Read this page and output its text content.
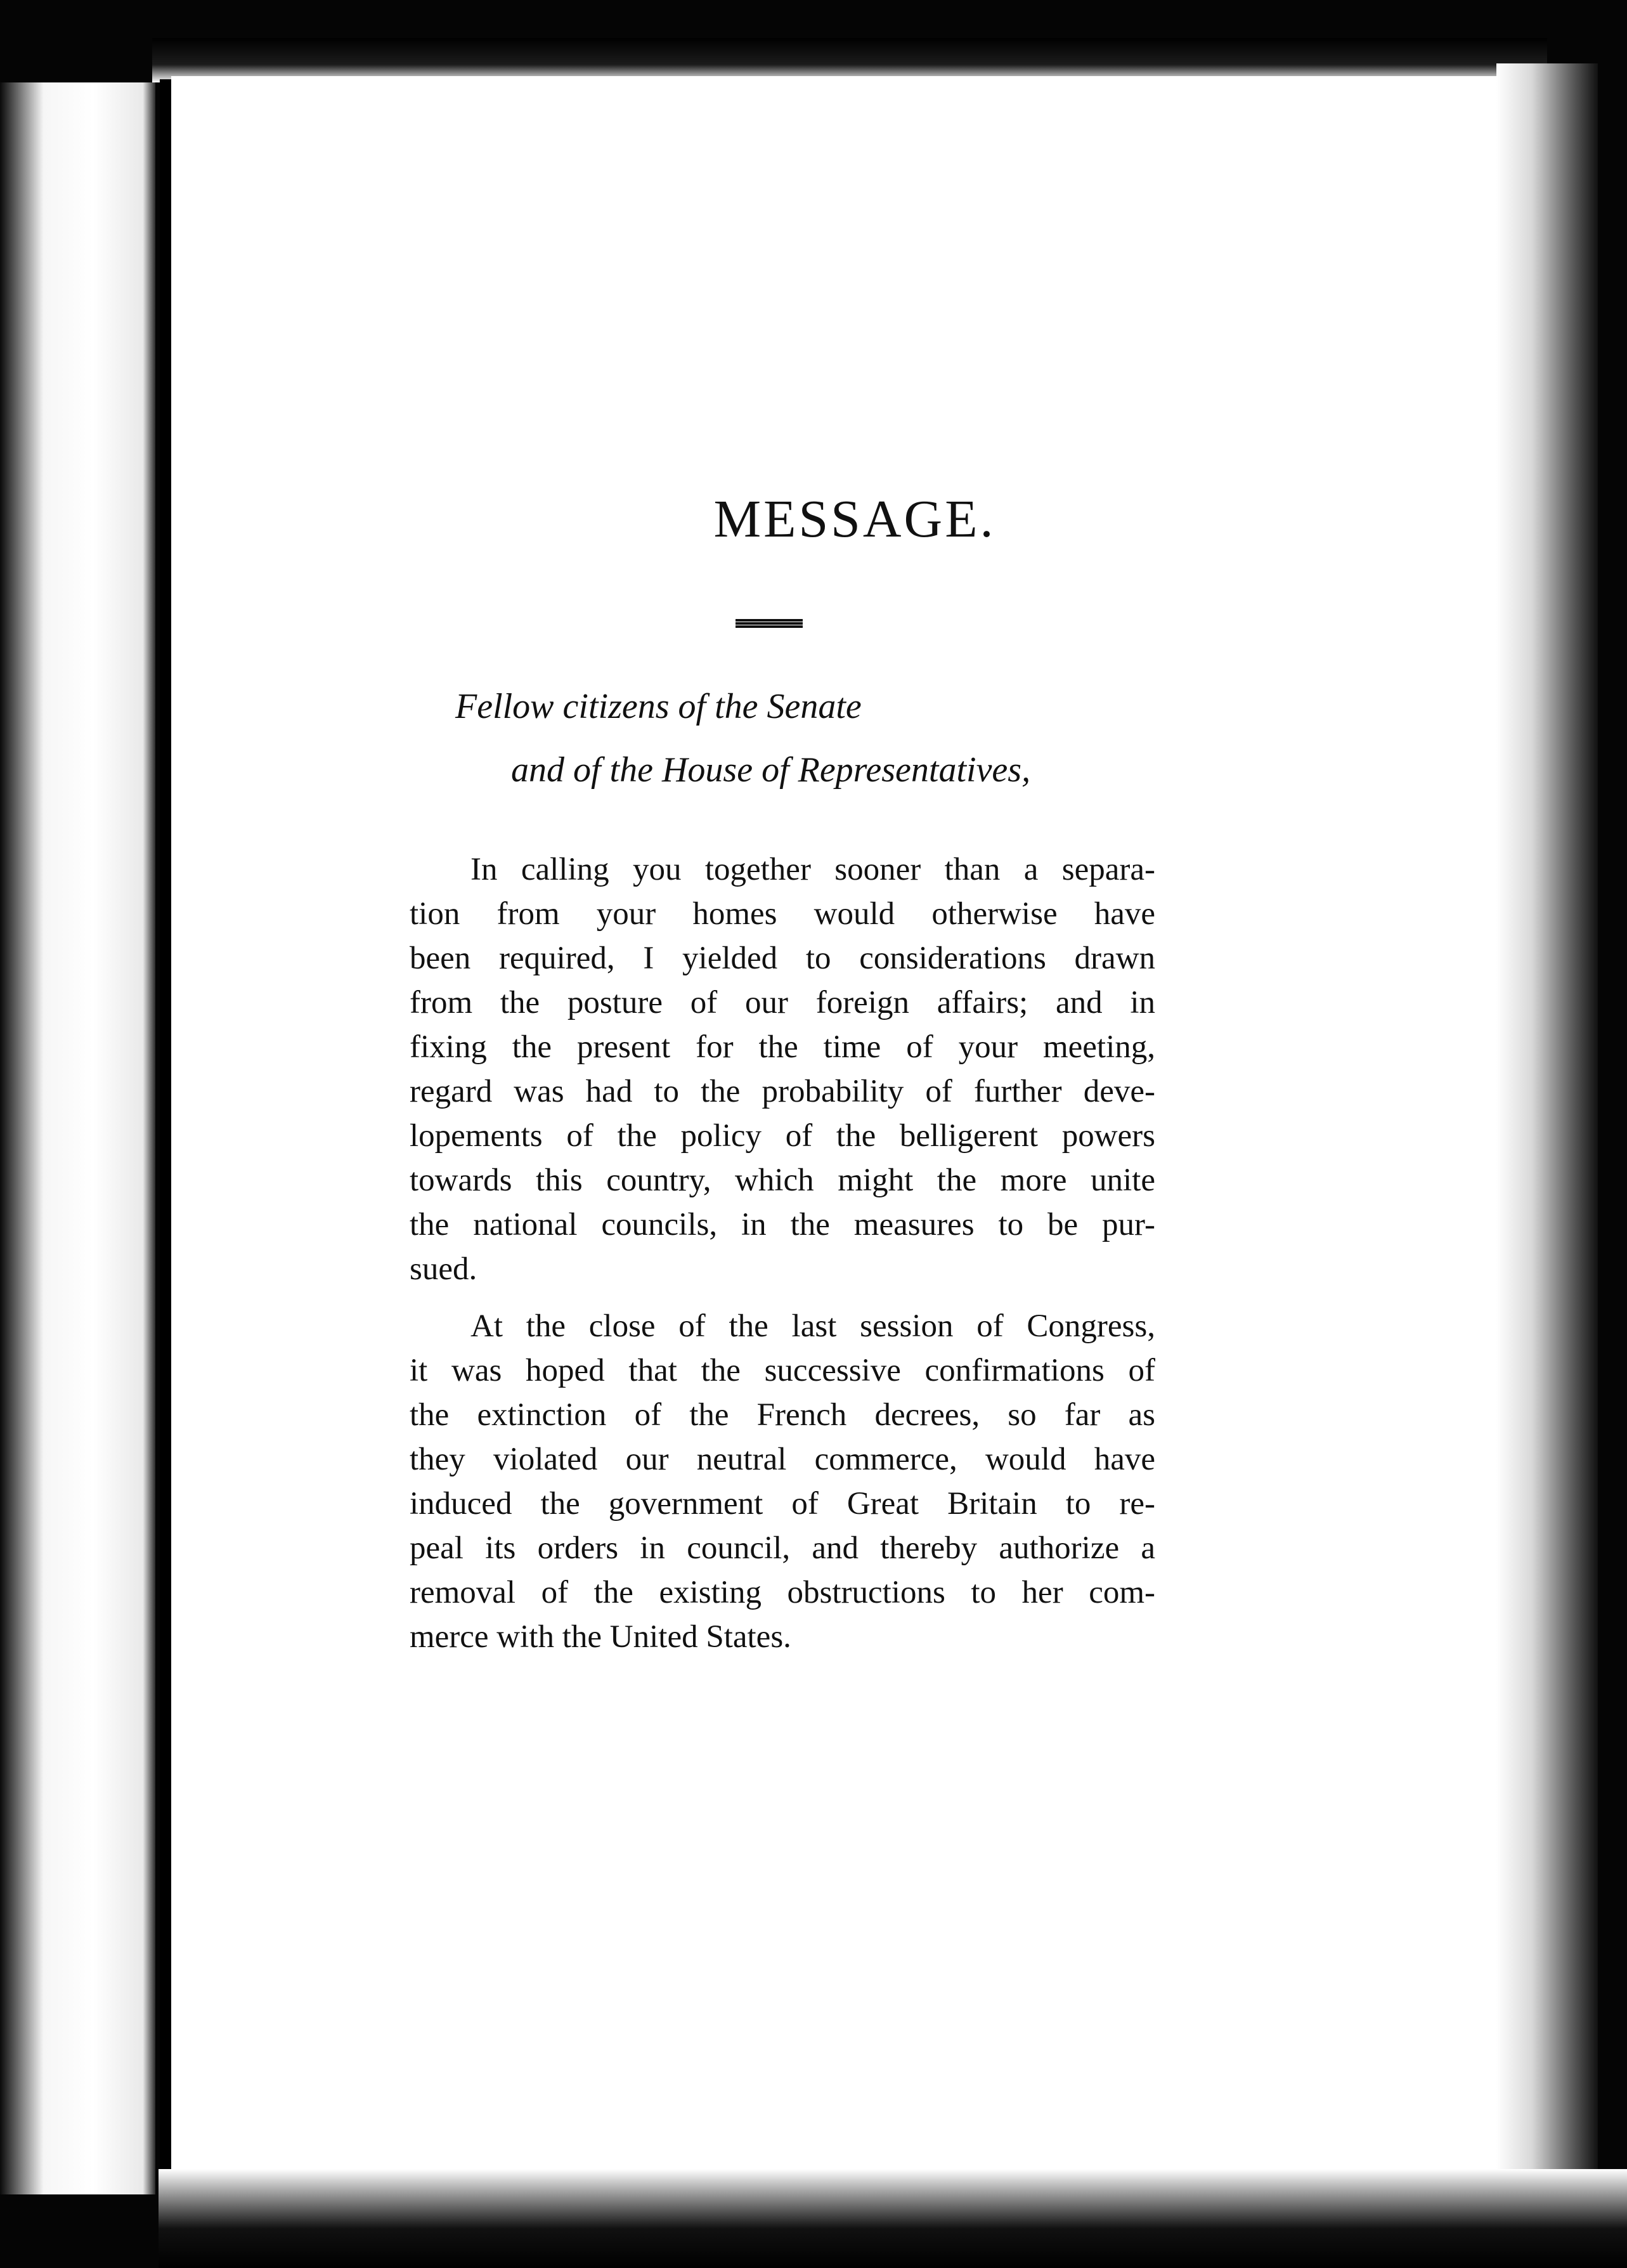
MESSAGE.
Fellow citizens of the Senate
and of the House of Representatives,
In calling you together sooner than a separa-
tion from your homes would otherwise have
been required, I yielded to considerations drawn
from the posture of our foreign affairs; and in
fixing the present for the time of your meeting,
regard was had to the probability of further deve-
lopements of the policy of the belligerent powers
towards this country, which might the more unite
the national councils, in the measures to be pur-
sued.
At the close of the last session of Congress,
it was hoped that the successive confirmations of
the extinction of the French decrees, so far as
they violated our neutral commerce, would have
induced the government of Great Britain to re-
peal its orders in council, and thereby authorize a
removal of the existing obstructions to her com-
merce with the United States.
